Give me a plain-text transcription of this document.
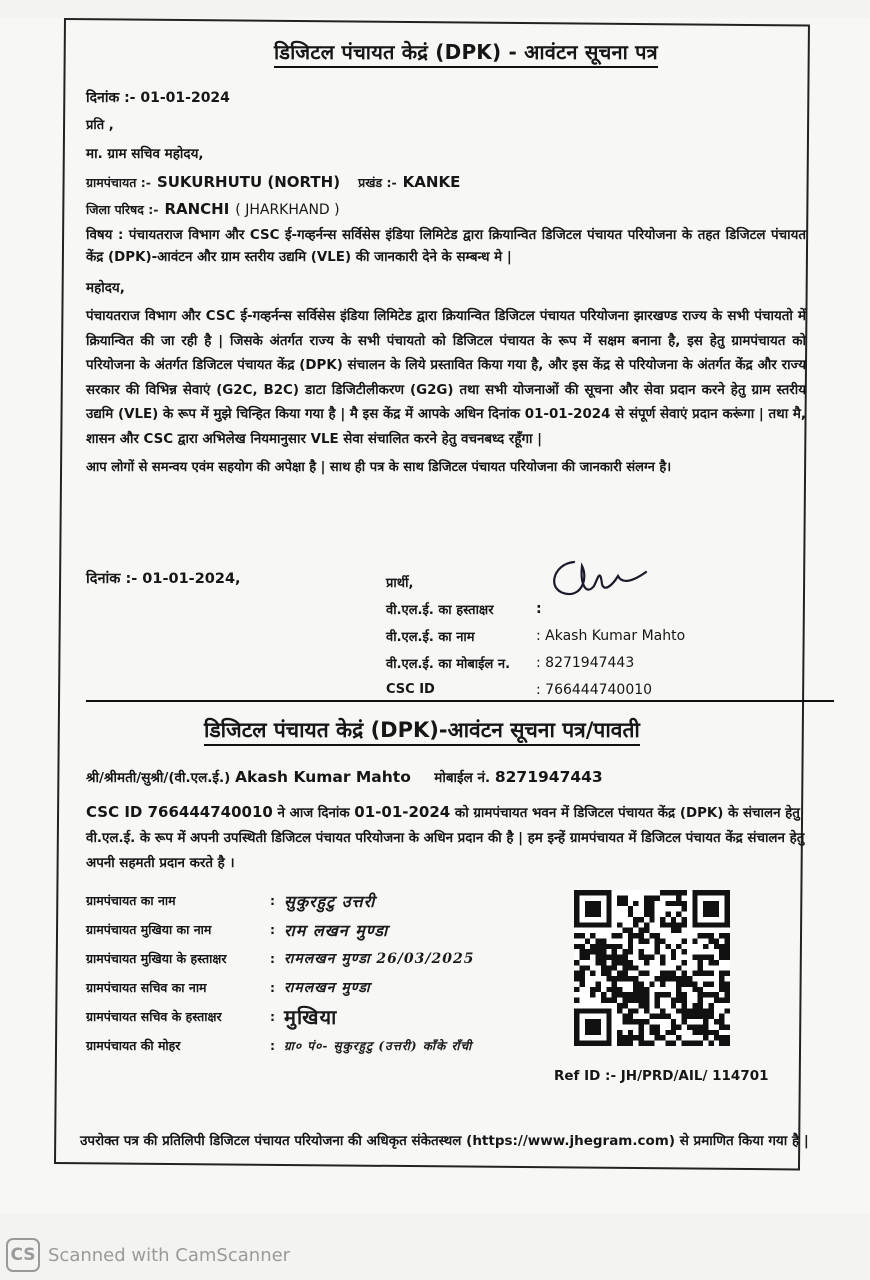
डिजिटल पंचायत केद्रं (DPK) - आवंटन सूचना पत्र

दिनांक :- 01-01-2024

प्रति ,

मा. ग्राम सचिव महोदय,

ग्रामपंचायत :- SUKURHUTU (NORTH) प्रखंड :- KANKE
जिला परिषद :- RANCHI ( JHARKHAND )

विषय : पंचायतराज विभाग और CSC ई-गव्हर्नन्स सर्विसेस इंडिया लिमिटेड द्वारा क्रियान्वित डिजिटल पंचायत परियोजना के तहत डिजिटल पंचायत केंद्र (DPK)-आवंटन और ग्राम स्तरीय उद्यमि (VLE) की जानकारी देने के सम्बन्ध मे |

महोदय,

पंचायतराज विभाग और CSC ई-गव्हर्नन्स सर्विसेस इंडिया लिमिटेड द्वारा क्रियान्वित डिजिटल पंचायत परियोजना झारखण्ड राज्य के सभी पंचायतो में क्रियान्वित की जा रही है | जिसके अंतर्गत राज्य के सभी पंचायतो को डिजिटल पंचायत के रूप में सक्षम बनाना है, इस हेतु ग्रामपंचायत को परियोजना के अंतर्गत डिजिटल पंचायत केंद्र (DPK) संचालन के लिये प्रस्तावित किया गया है, और इस केंद्र से परियोजना के अंतर्गत केंद्र और राज्य सरकार की विभिन्न सेवाएं (G2C, B2C) डाटा डिजिटीलीकरण (G2G) तथा सभी योजनाओं की सूचना और सेवा प्रदान करने हेतु ग्राम स्तरीय उद्यमि (VLE) के रूप में मुझे चिन्हित किया गया है | मै इस केंद्र में आपके अधिन दिनांक 01-01-2024 से संपूर्ण सेवाएं प्रदान करूंगा | तथा मै, शासन और CSC द्वारा अभिलेख नियमानुसार VLE सेवा संचालित करने हेतु वचनबध्द रहूँगा |

आप लोगों से समन्वय एवंम सहयोग की अपेक्षा है | साथ ही पत्र के साथ डिजिटल पंचायत परियोजना की जानकारी संलग्न है।

दिनांक :- 01-01-2024,	प्रार्थी,
वी.एल.ई. का हस्ताक्षर	:
वी.एल.ई. का नाम	: Akash Kumar Mahto
वी.एल.ई. का मोबाईल न.	: 8271947443
CSC ID	: 766444740010
डिजिटल पंचायत केद्रं (DPK)-आवंटन सूचना पत्र/पावती
श्री/श्रीमती/सुश्री/(वी.एल.ई.) Akash Kumar Mahto मोबाईल नं. 8271947443
CSC ID 766444740010 ने आज दिनांक 01-01-2024 को ग्रामपंचायत भवन में डिजिटल पंचायत केंद्र (DPK) के संचालन हेतु वी.एल.ई. के रूप में अपनी उपस्थिती डिजिटल पंचायत परियोजना के अधिन प्रदान की है | हम इन्हें ग्रामपंचायत में डिजिटल पंचायत केंद्र संचालन हेतु अपनी सहमती प्रदान करते है ।
ग्रामपंचायत का नाम	: सुकुरहुटु उत्तरी
ग्रामपंचायत मुखिया का नाम	: राम लखन मुण्डा
ग्रामपंचायत मुखिया के हस्ताक्षर	: रामलखन मुण्डा 26/03/2025
ग्रामपंचायत सचिव का नाम	: रामलखन मुण्डा
ग्रामपंचायत सचिव के हस्ताक्षर	: मुखिया
ग्रामपंचायत की मोहर	: ग्रा० पं०- सुकुरहुटु (उत्तरी) काँके राँची
Ref ID :- JH/PRD/AIL/ 114701
उपरोक्त पत्र की प्रतिलिपी डिजिटल पंचायत परियोजना की अधिकृत संकेतस्थल (https://www.jhegram.com) से प्रमाणित किया गया है |
CS Scanned with CamScanner
